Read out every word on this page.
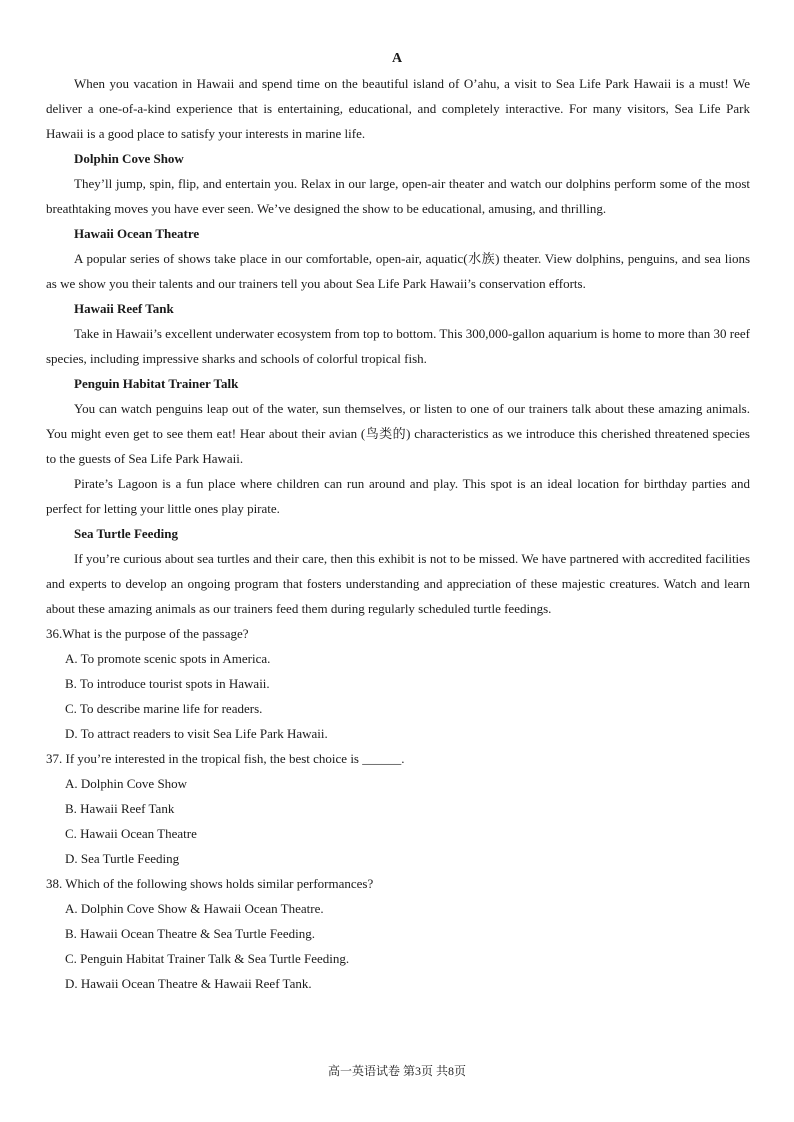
A

When you vacation in Hawaii and spend time on the beautiful island of O’ahu, a visit to Sea Life Park Hawaii is a must! We deliver a one-of-a-kind experience that is entertaining, educational, and completely interactive. For many visitors, Sea Life Park Hawaii is a good place to satisfy your interests in marine life.

Dolphin Cove Show

They’ll jump, spin, flip, and entertain you. Relax in our large, open-air theater and watch our dolphins perform some of the most breathtaking moves you have ever seen. We’ve designed the show to be educational, amusing, and thrilling.

Hawaii Ocean Theatre

A popular series of shows take place in our comfortable, open-air, aquatic(水族) theater. View dolphins, penguins, and sea lions as we show you their talents and our trainers tell you about Sea Life Park Hawaii’s conservation efforts.

Hawaii Reef Tank

Take in Hawaii’s excellent underwater ecosystem from top to bottom. This 300,000-gallon aquarium is home to more than 30 reef species, including impressive sharks and schools of colorful tropical fish.

Penguin Habitat Trainer Talk

You can watch penguins leap out of the water, sun themselves, or listen to one of our trainers talk about these amazing animals. You might even get to see them eat! Hear about their avian (鸟类的) characteristics as we introduce this cherished threatened species to the guests of Sea Life Park Hawaii.

Pirate’s Lagoon is a fun place where children can run around and play. This spot is an ideal location for birthday parties and perfect for letting your little ones play pirate.

Sea Turtle Feeding

If you’re curious about sea turtles and their care, then this exhibit is not to be missed. We have partnered with accredited facilities and experts to develop an ongoing program that fosters understanding and appreciation of these majestic creatures. Watch and learn about these amazing animals as our trainers feed them during regularly scheduled turtle feedings.

36.What is the purpose of the passage?

A. To promote scenic spots in America.

B. To introduce tourist spots in Hawaii.

C. To describe marine life for readers.

D. To attract readers to visit Sea Life Park Hawaii.

37. If you’re interested in the tropical fish, the best choice is ______.

A. Dolphin Cove Show

B. Hawaii Reef Tank

C. Hawaii Ocean Theatre

D. Sea Turtle Feeding

38. Which of the following shows holds similar performances?

A. Dolphin Cove Show & Hawaii Ocean Theatre.

B. Hawaii Ocean Theatre & Sea Turtle Feeding.

C. Penguin Habitat Trainer Talk & Sea Turtle Feeding.

D. Hawaii Ocean Theatre & Hawaii Reef Tank.

高一英语试卷 第3页 共8页
